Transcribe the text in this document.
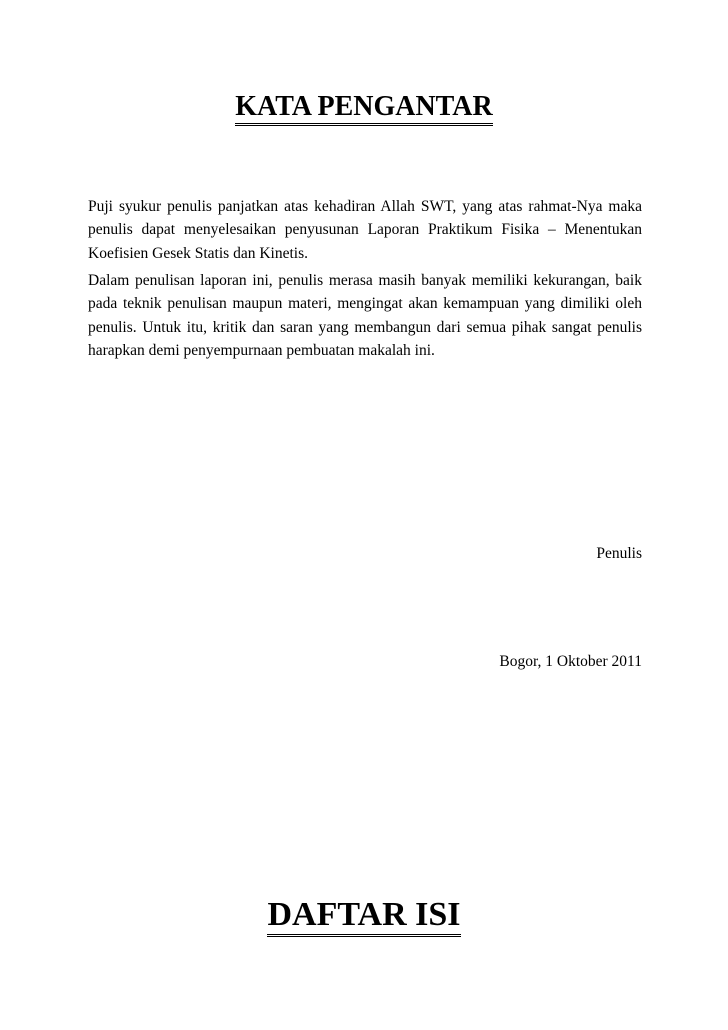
KATA PENGANTAR

Puji syukur penulis panjatkan atas kehadiran Allah SWT, yang atas rahmat-Nya maka penulis dapat menyelesaikan penyusunan Laporan Praktikum Fisika – Menentukan Koefisien Gesek Statis dan Kinetis.

Dalam penulisan laporan ini, penulis merasa masih banyak memiliki kekurangan, baik pada teknik penulisan maupun materi, mengingat akan kemampuan yang dimiliki oleh penulis. Untuk itu, kritik dan saran yang membangun dari semua pihak sangat penulis harapkan demi penyempurnaan pembuatan makalah ini.

Penulis

Bogor, 1 Oktober 2011

DAFTAR ISI
